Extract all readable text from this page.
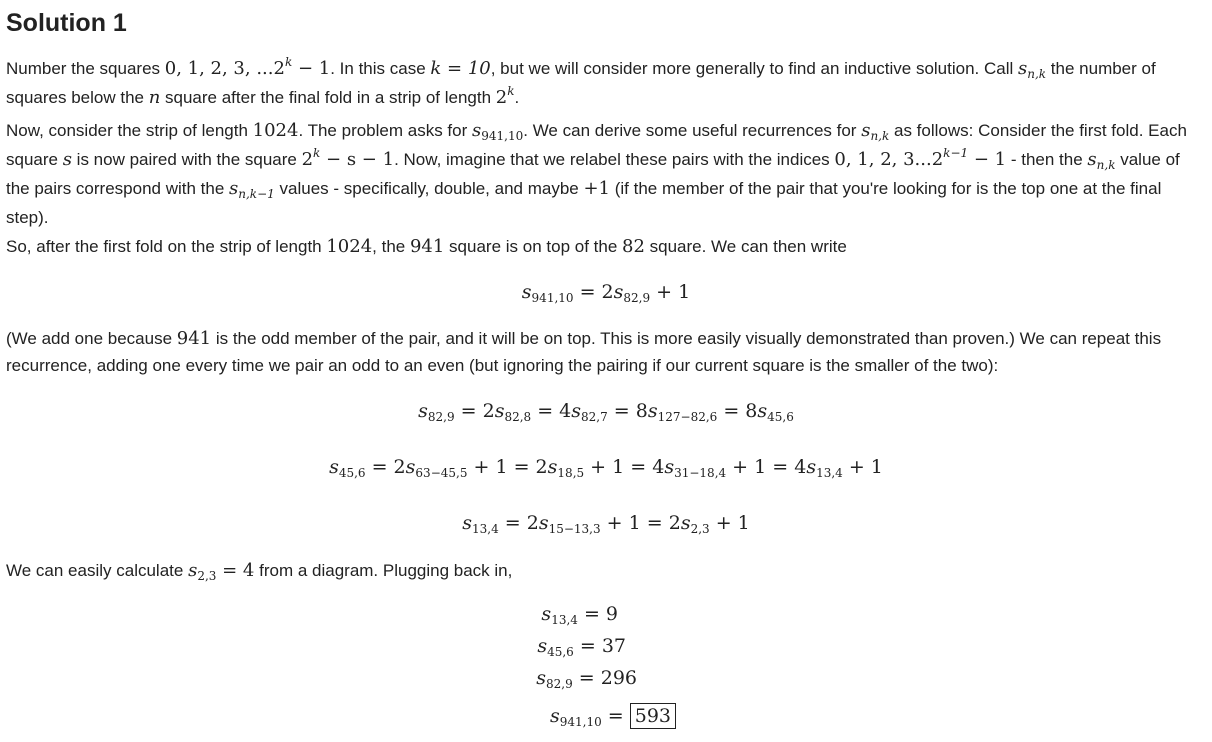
Solution 1

Number the squares 0, 1, 2, 3, $...2^k - 1$. In this case k = 10, but we will consider more generally to find an inductive solution. Call $s_{n,k}$ the number of squares below the n square after the final fold in a strip of length 2$^k$.

Now, consider the strip of length 1024. The problem asks for $s_{941,10}$. We can derive some useful recurrences for $s_{n,k}$ as follows: Consider the first fold. Each square s is now paired with the square $2^k - s - 1$. Now, imagine that we relabel these pairs with the indices 0, 1, 2, $3...2^{k-1} - 1$ - then the $s_{n,k}$ value of the pairs correspond with the $s_{n,k-1}$ values - specifically, double, and maybe +1 (if the member of the pair that you're looking for is the top one at the final step).

So, after the first fold on the strip of length 1024, the 941 square is on top of the 82 square. We can then write

$s_{941,10} = 2s_{82,9} + 1$

(We add one because 941 is the odd member of the pair, and it will be on top. This is more easily visually demonstrated than proven.) We can repeat this recurrence, adding one every time we pair an odd to an even (but ignoring the pairing if our current square is the smaller of the two):

$s_{82,9} = 2s_{82,8} = 4s_{82,7} = 8s_{127-82,6} = 8s_{45,6}$
$s_{45,6} = 2s_{63-45,5} + 1 = 2s_{18,5} + 1 = 4s_{31-18,4} + 1 = 4s_{13,4} + 1$
$s_{13,4} = 2s_{15-13,3} + 1 = 2s_{2,3} + 1$

We can easily calculate $s_{2,3} = 4$ from a diagram. Plugging back in,

$s_{13,4} = 9$
$s_{45,6} = 37$
$s_{82,9} = 296$
$s_{941,10} = 593$
